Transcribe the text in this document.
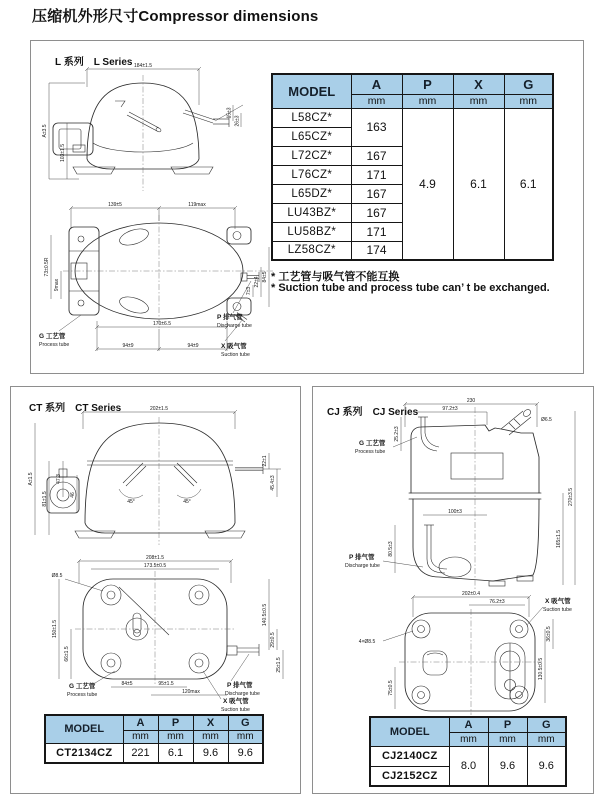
压缩机外形尺寸Compressor dimensions
L 系列 L Series 184±1.5
A±3.5
103±1.5
15±3
26±3
139±5	119max
73±0.5R
9max
84±5
22±4
7±3
170±6.5
94±9	94±9
G 工艺管
Process tube
P 排气管
Discharge tube
X 吸气管
Suction tube
MODEL	A	P	X	G
	mm	mm	mm	mm
L58CZ*	163	4.9	6.1	6.1
L65CZ*				
L72CZ*	167			
L76CZ*	171			
L65DZ*	167			
LU43BZ*	167			
LU58BZ*	171			
LZ58CZ*	174			
* 工艺管与吸气管不能互换
* Suction tube and process tube can’ t be exchanged.
CT 系列 CT Series	202±1.5
A±1.5
81±1.5
47.3
46
22±1
45.4±3
45°	45°
208±1.5
173.5±0.5
150±1.5
66±1.5
140.5±0.5
29±0.5
25±1.5
84±5	95±1.5
120max
Ø8.5
G 工艺管
Process tube
P 排气管
Discharge tube
X 吸气管
Suction tube
MODEL	A	P	X	G
	mm	mm	mm	mm
CT2134CZ	221	6.1	9.6	9.6
CJ 系列 CJ Series
230
97.2±3
25.2±3
80.5±3
100±3
270±3.5
165±1.5
Ø6.5
G 工艺管
Process tube
P 排气管
Discharge tube
202±0.4
76.2±3
75±0.5
36±0.5
130.5±0.5
4×Ø8.5
X 吸气管
Suction tube
MODEL	A	P	G
	mm	mm	mm
CJ2140CZ	8.0	9.6	9.6
CJ2152CZ			
